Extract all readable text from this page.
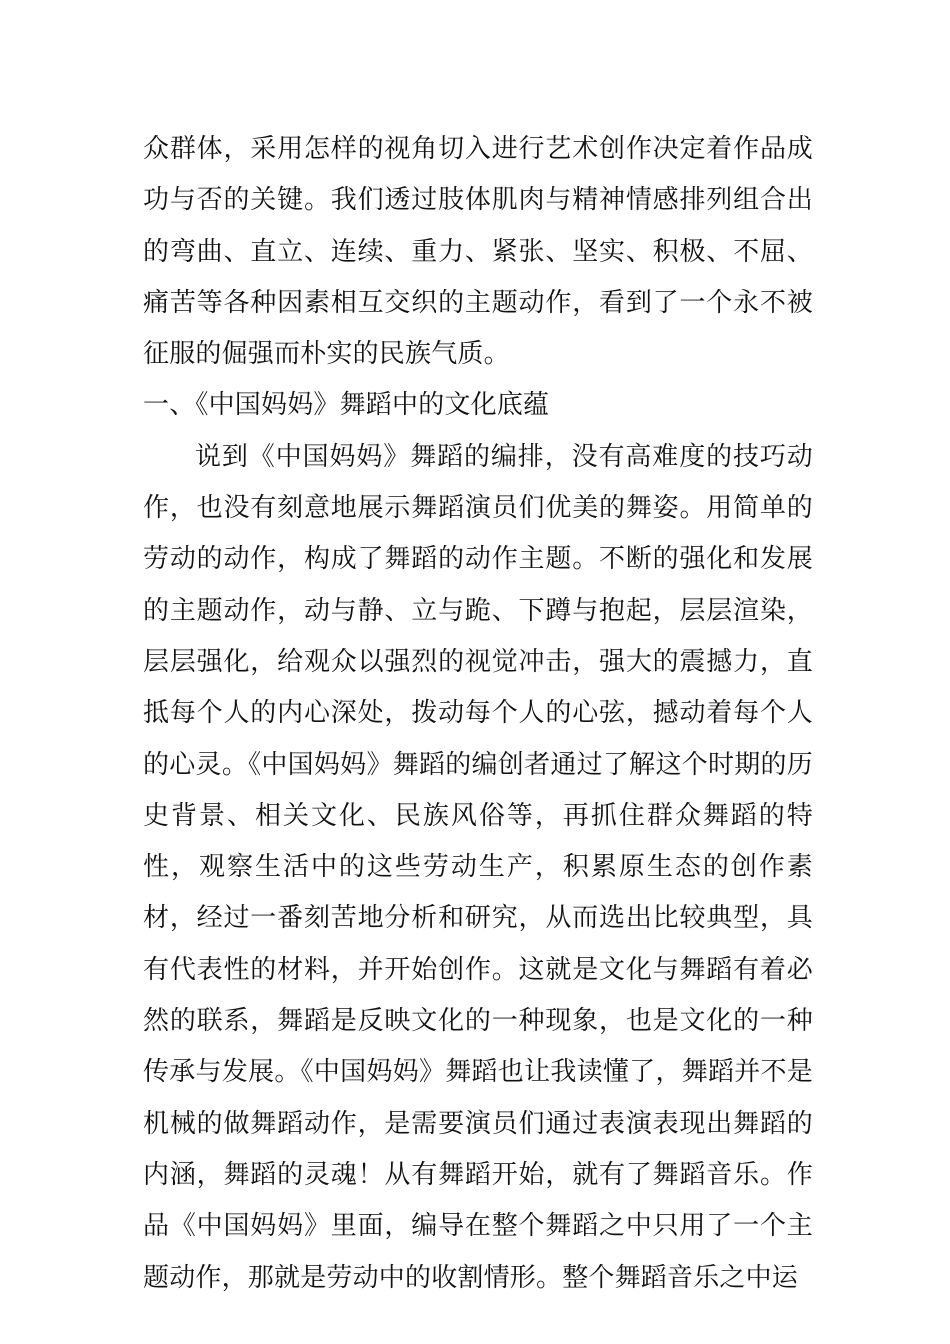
众群体，采用怎样的视角切入进行艺术创作决定着作品成功与否的关键。我们透过肢体肌肉与精神情感排列组合出的弯曲、直立、连续、重力、紧张、坚实、积极、不屈、痛苦等各种因素相互交织的主题动作，看到了一个永不被征服的倔强而朴实的民族气质。

一、《中国妈妈》舞蹈中的文化底蕴

说到《中国妈妈》舞蹈的编排，没有高难度的技巧动作，也没有刻意地展示舞蹈演员们优美的舞姿。用简单的劳动的动作，构成了舞蹈的动作主题。不断的强化和发展的主题动作，动与静、立与跪、下蹲与抱起，层层渲染，层层强化，给观众以强烈的视觉冲击，强大的震撼力，直抵每个人的内心深处，拨动每个人的心弦，撼动着每个人的心灵。《中国妈妈》舞蹈的编创者通过了解这个时期的历史背景、相关文化、民族风俗等，再抓住群众舞蹈的特性，观察生活中的这些劳动生产，积累原生态的创作素材，经过一番刻苦地分析和研究，从而选出比较典型，具有代表性的材料，并开始创作。这就是文化与舞蹈有着必然的联系，舞蹈是反映文化的一种现象，也是文化的一种传承与发展。《中国妈妈》舞蹈也让我读懂了，舞蹈并不是机械的做舞蹈动作，是需要演员们通过表演表现出舞蹈的内涵，舞蹈的灵魂！从有舞蹈开始，就有了舞蹈音乐。作品《中国妈妈》里面，编导在整个舞蹈之中只用了一个主题动作，那就是劳动中的收割情形。整个舞蹈音乐之中运
